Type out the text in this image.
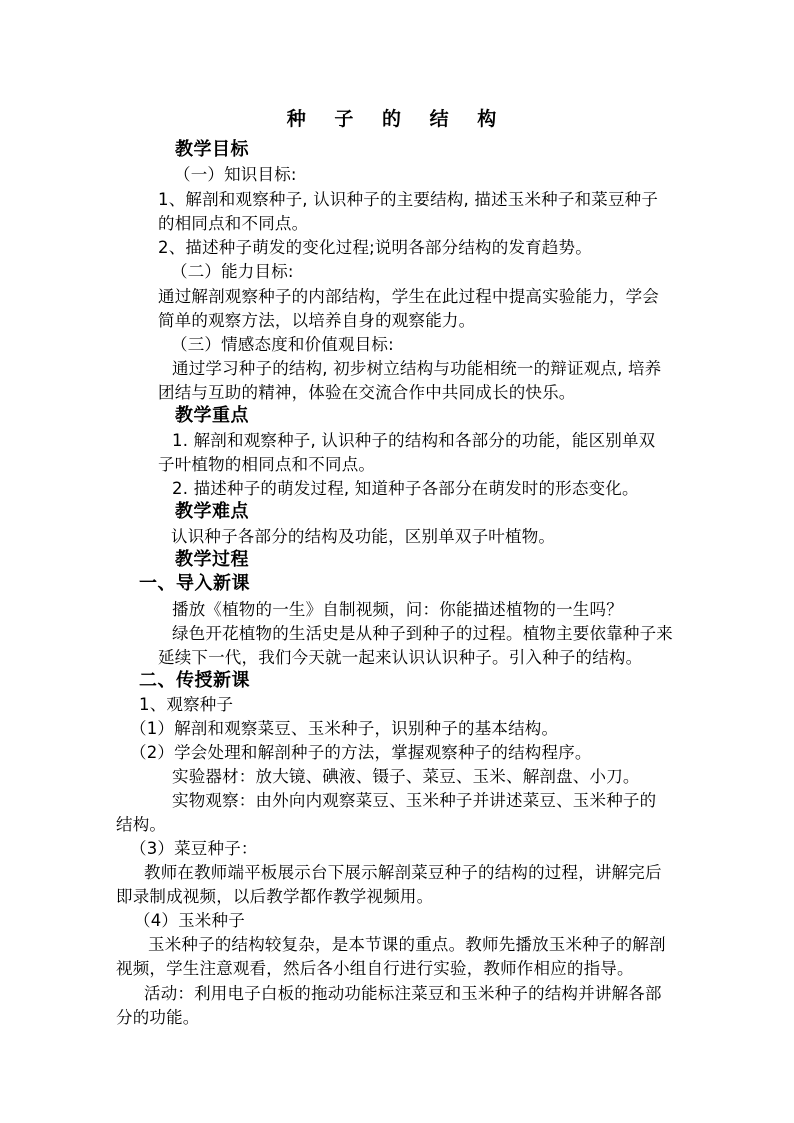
种 子 的 结 构
教学目标
（一）知识目标:
1、解剖和观察种子, 认识种子的主要结构, 描述玉米种子和菜豆种子
的相同点和不同点。
2、描述种子萌发的变化过程;说明各部分结构的发育趋势。
（二）能力目标:
通过解剖观察种子的内部结构，学生在此过程中提高实验能力，学会
简单的观察方法，以培养自身的观察能力。
（三）情感态度和价值观目标:
通过学习种子的结构, 初步树立结构与功能相统一的辩证观点, 培养
团结与互助的精神，体验在交流合作中共同成长的快乐。
教学重点
1. 解剖和观察种子, 认识种子的结构和各部分的功能，能区别单双
子叶植物的相同点和不同点。
2. 描述种子的萌发过程, 知道种子各部分在萌发时的形态变化。
教学难点
认识种子各部分的结构及功能，区别单双子叶植物。
教学过程
一、导入新课
播放《植物的一生》自制视频，问：你能描述植物的一生吗？
绿色开花植物的生活史是从种子到种子的过程。植物主要依靠种子来
延续下一代，我们今天就一起来认识认识种子。引入种子的结构。
二、传授新课
1、观察种子
（1）解剖和观察菜豆、玉米种子，识别种子的基本结构。
（2）学会处理和解剖种子的方法，掌握观察种子的结构程序。
实验器材：放大镜、碘液、镊子、菜豆、玉米、解剖盘、小刀。
实物观察：由外向内观察菜豆、玉米种子并讲述菜豆、玉米种子的
结构。
（3）菜豆种子：
教师在教师端平板展示台下展示解剖菜豆种子的结构的过程，讲解完后
即录制成视频，以后教学都作教学视频用。
（4）玉米种子
玉米种子的结构较复杂，是本节课的重点。教师先播放玉米种子的解剖
视频，学生注意观看，然后各小组自行进行实验，教师作相应的指导。
活动：利用电子白板的拖动功能标注菜豆和玉米种子的结构并讲解各部
分的功能。
